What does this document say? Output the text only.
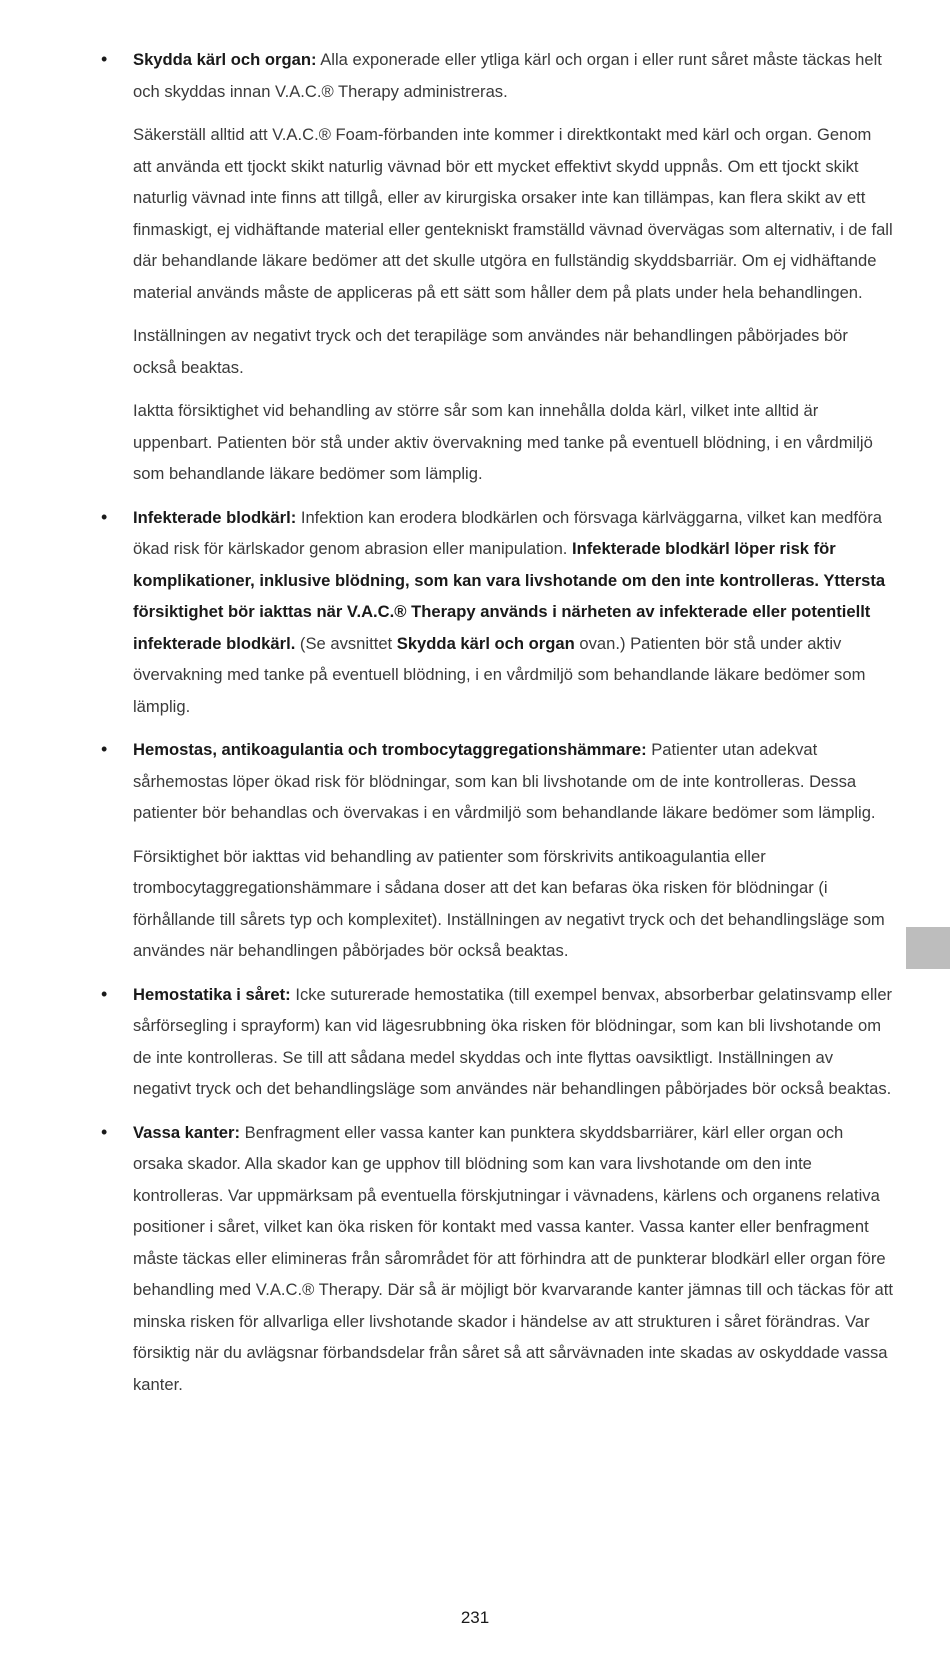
• Skydda kärl och organ: Alla exponerade eller ytliga kärl och organ i eller runt såret måste täckas helt och skyddas innan V.A.C.® Therapy administreras.

Säkerställ alltid att V.A.C.® Foam-förbanden inte kommer i direktkontakt med kärl och organ. Genom att använda ett tjockt skikt naturlig vävnad bör ett mycket effektivt skydd uppnås. Om ett tjockt skikt naturlig vävnad inte finns att tillgå, eller av kirurgiska orsaker inte kan tillämpas, kan flera skikt av ett finmaskigt, ej vidhäftande material eller gentekniskt framställd vävnad övervägas som alternativ, i de fall där behandlande läkare bedömer att det skulle utgöra en fullständig skyddsbarriär. Om ej vidhäftande material används måste de appliceras på ett sätt som håller dem på plats under hela behandlingen.

Inställningen av negativt tryck och det terapiläge som användes när behandlingen påbörjades bör också beaktas.

Iaktta försiktighet vid behandling av större sår som kan innehålla dolda kärl, vilket inte alltid är uppenbart. Patienten bör stå under aktiv övervakning med tanke på eventuell blödning, i en vårdmiljö som behandlande läkare bedömer som lämplig.

• Infekterade blodkärl: Infektion kan erodera blodkärlen och försvaga kärlväggarna, vilket kan medföra ökad risk för kärlskador genom abrasion eller manipulation. Infekterade blodkärl löper risk för komplikationer, inklusive blödning, som kan vara livshotande om den inte kontrolleras. Yttersta försiktighet bör iakttas när V.A.C.® Therapy används i närheten av infekterade eller potentiellt infekterade blodkärl. (Se avsnittet Skydda kärl och organ ovan.) Patienten bör stå under aktiv övervakning med tanke på eventuell blödning, i en vårdmiljö som behandlande läkare bedömer som lämplig.

• Hemostas, antikoagulantia och trombocytaggregationshämmare: Patienter utan adekvat sårhemostas löper ökad risk för blödningar, som kan bli livshotande om de inte kontrolleras. Dessa patienter bör behandlas och övervakas i en vårdmiljö som behandlande läkare bedömer som lämplig.

Försiktighet bör iakttas vid behandling av patienter som förskrivits antikoagulantia eller trombocytaggregationshämmare i sådana doser att det kan befaras öka risken för blödningar (i förhållande till sårets typ och komplexitet). Inställningen av negativt tryck och det behandlingsläge som användes när behandlingen påbörjades bör också beaktas.

• Hemostatika i såret: Icke suturerade hemostatika (till exempel benvax, absorberbar gelatinsvamp eller sårförsegling i sprayform) kan vid lägesrubbning öka risken för blödningar, som kan bli livshotande om de inte kontrolleras. Se till att sådana medel skyddas och inte flyttas oavsiktligt. Inställningen av negativt tryck och det behandlingsläge som användes när behandlingen påbörjades bör också beaktas.

• Vassa kanter: Benfragment eller vassa kanter kan punktera skyddsbarriärer, kärl eller organ och orsaka skador. Alla skador kan ge upphov till blödning som kan vara livshotande om den inte kontrolleras. Var uppmärksam på eventuella förskjutningar i vävnadens, kärlens och organens relativa positioner i såret, vilket kan öka risken för kontakt med vassa kanter. Vassa kanter eller benfragment måste täckas eller elimineras från sårområdet för att förhindra att de punkterar blodkärl eller organ före behandling med V.A.C.® Therapy. Där så är möjligt bör kvarvarande kanter jämnas till och täckas för att minska risken för allvarliga eller livshotande skador i händelse av att strukturen i såret förändras. Var försiktig när du avlägsnar förbandsdelar från såret så att sårvävnaden inte skadas av oskyddade vassa kanter.

231
